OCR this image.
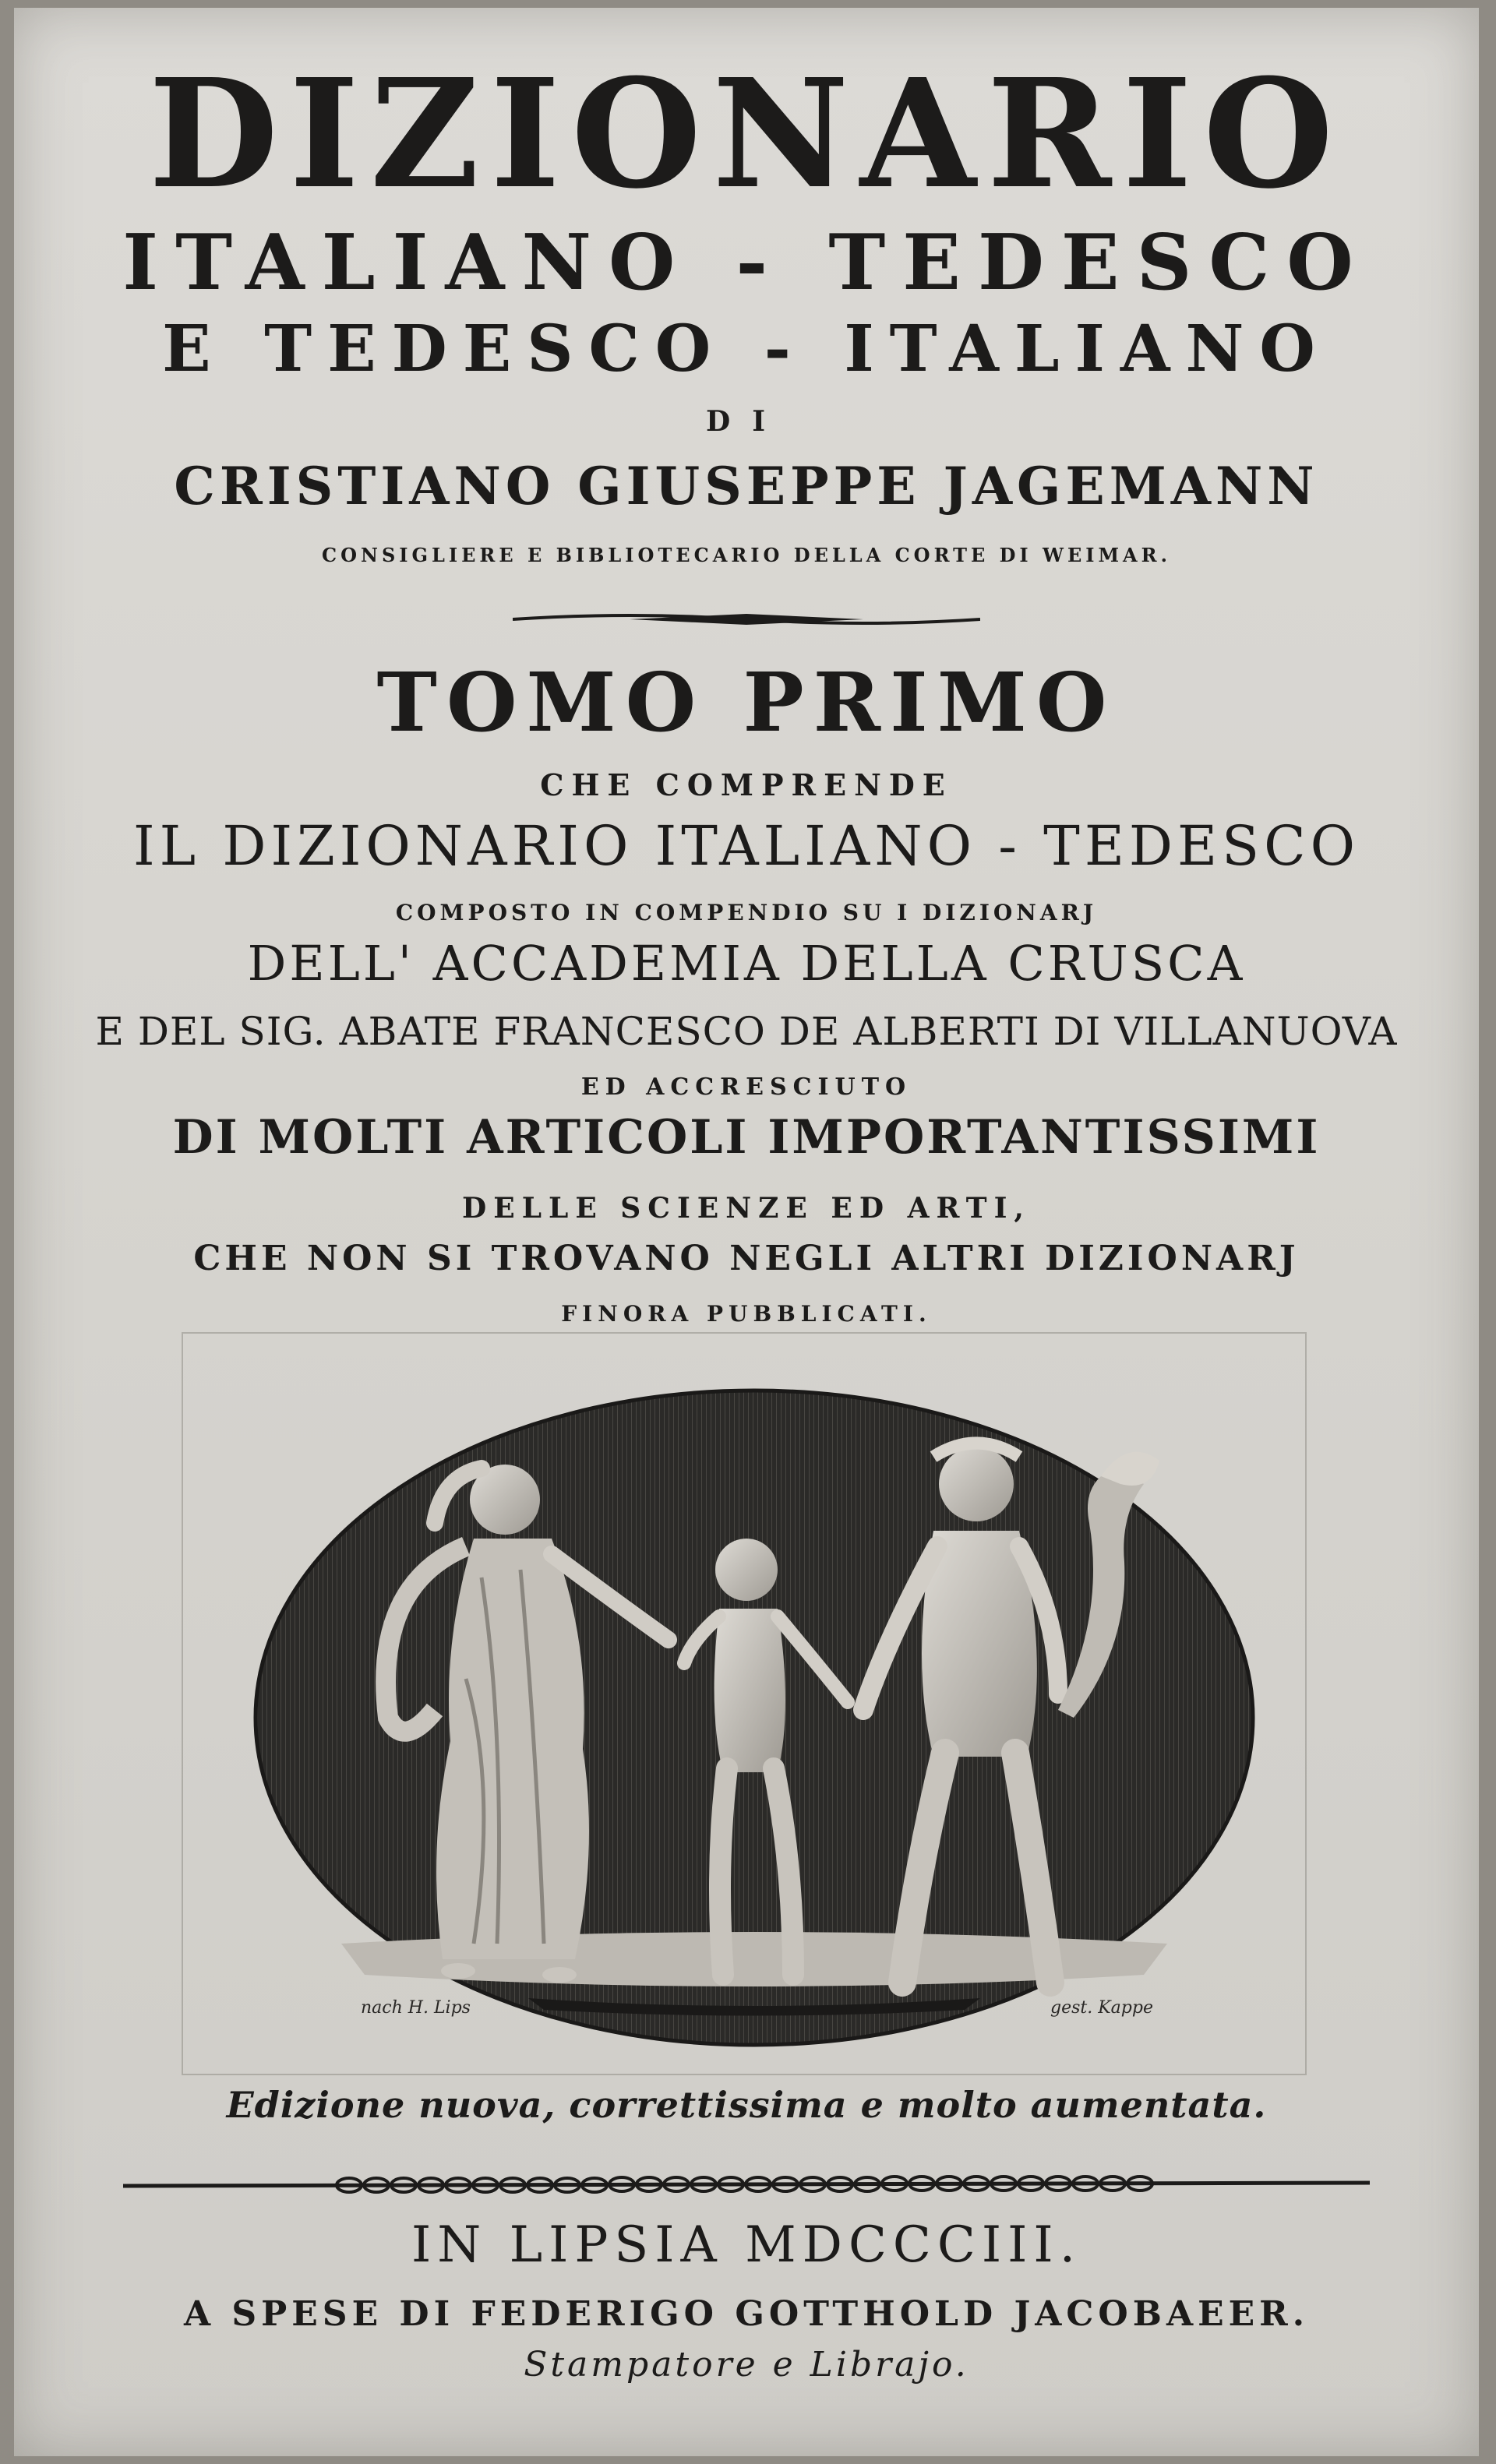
DIZIONARIO

ITALIANO - TEDESCO

E TEDESCO - ITALIANO

DI

CRISTIANO GIUSEPPE JAGEMANN

CONSIGLIERE E BIBLIOTECARIO DELLA CORTE DI WEIMAR.

TOMO PRIMO

CHE COMPRENDE

IL DIZIONARIO ITALIANO - TEDESCO

COMPOSTO IN COMPENDIO SU I DIZIONARJ

DELL' ACCADEMIA DELLA CRUSCA

E DEL SIG. ABATE FRANCESCO DE ALBERTI DI VILLANUOVA

ED ACCRESCIUTO

DI MOLTI ARTICOLI IMPORTANTISSIMI

DELLE SCIENZE ED ARTI,

CHE NON SI TROVANO NEGLI ALTRI DIZIONARJ

FINORA PUBBLICATI.

nach H. Lips	gest. Kappe

Edizione nuova, correttissima e molto aumentata.

IN LIPSIA MDCCCIII.

A SPESE DI FEDERIGO GOTTHOLD JACOBAEER.

Stampatore e Librajo.
